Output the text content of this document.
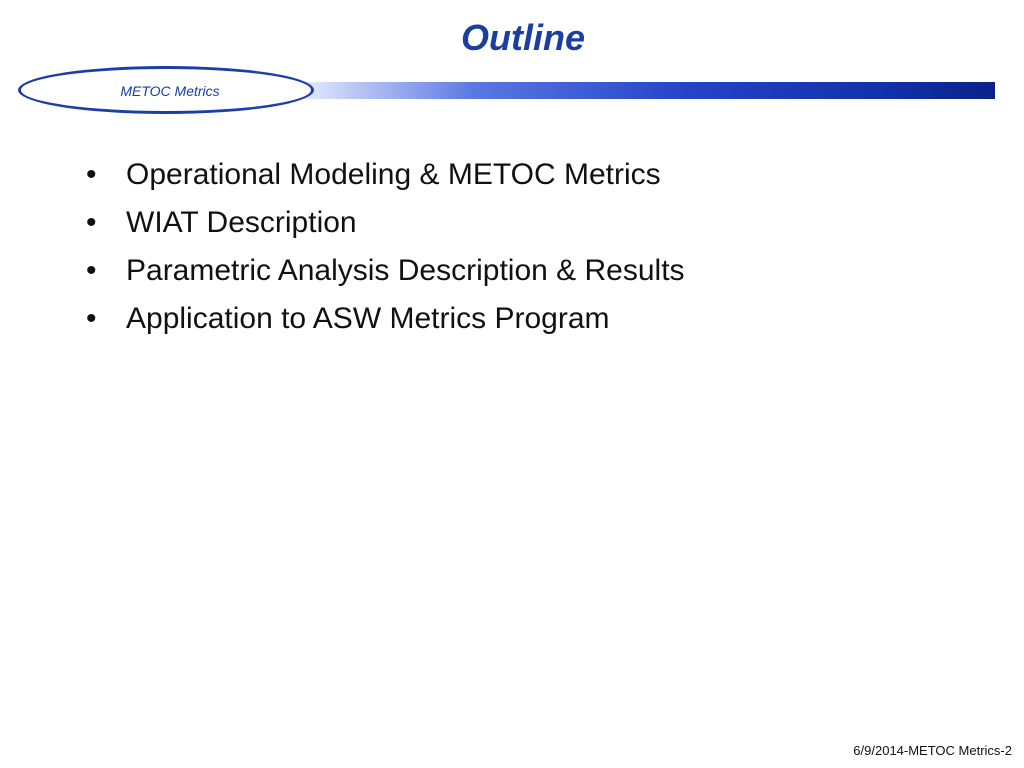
Outline
METOC Metrics
• Operational Modeling & METOC Metrics
• WIAT Description
• Parametric Analysis Description & Results
• Application to ASW Metrics Program
6/9/2014-METOC Metrics-2
